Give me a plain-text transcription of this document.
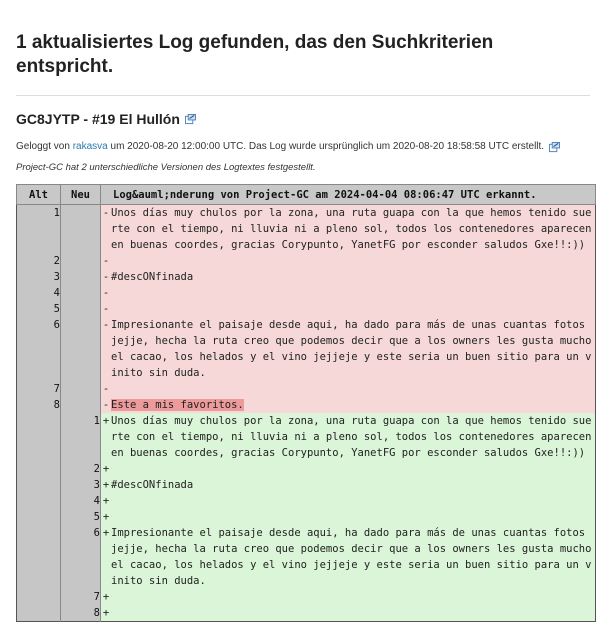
1 aktualisiertes Log gefunden, das den Suchkriterien entspricht.
GC8JYTP - #19 El Hullón
Geloggt von
rakasva
um 2020-08-20 12:00:00 UTC. Das Log wurde ursprünglich um 2020-08-20 18:58:58 UTC erstellt.
Project-GC hat 2 unterschiedliche Versionen des Logtextes festgestellt.
Alt	Neu	Log&auml;nderung von Project-GC am 2024-04-04 08:06:47 UTC erkannt.	
1		-	Unos días muy chulos por la zona, una ruta guapa con la que hemos tenido suerte con el tiempo, ni lluvia ni a pleno sol, todos los contenedores aparecen en buenas coordes, gracias Corypunto, YanetFG por esconder saludos Gxe!!:))
2		-	
3		-	#descONfinada
4		-	
5		-	
6		-	Impresionante el paisaje desde aqui, ha dado para más de unas cuantas fotos jejje, hecha la ruta creo que podemos decir que a los owners les gusta mucho el cacao, los helados y el vino jejjeje y este seria un buen sitio para un vinito sin duda.
7		-	
8		-	Este a mis favoritos.
	1	+	Unos días muy chulos por la zona, una ruta guapa con la que hemos tenido suerte con el tiempo, ni lluvia ni a pleno sol, todos los contenedores aparecen en buenas coordes, gracias Corypunto, YanetFG por esconder saludos Gxe!!:))
	2	+	
	3	+	#descONfinada
	4	+	
	5	+	
	6	+	Impresionante el paisaje desde aqui, ha dado para más de unas cuantas fotos jejje, hecha la ruta creo que podemos decir que a los owners les gusta mucho el cacao, los helados y el vino jejjeje y este seria un buen sitio para un vinito sin duda.
	7	+	
	8	+	
